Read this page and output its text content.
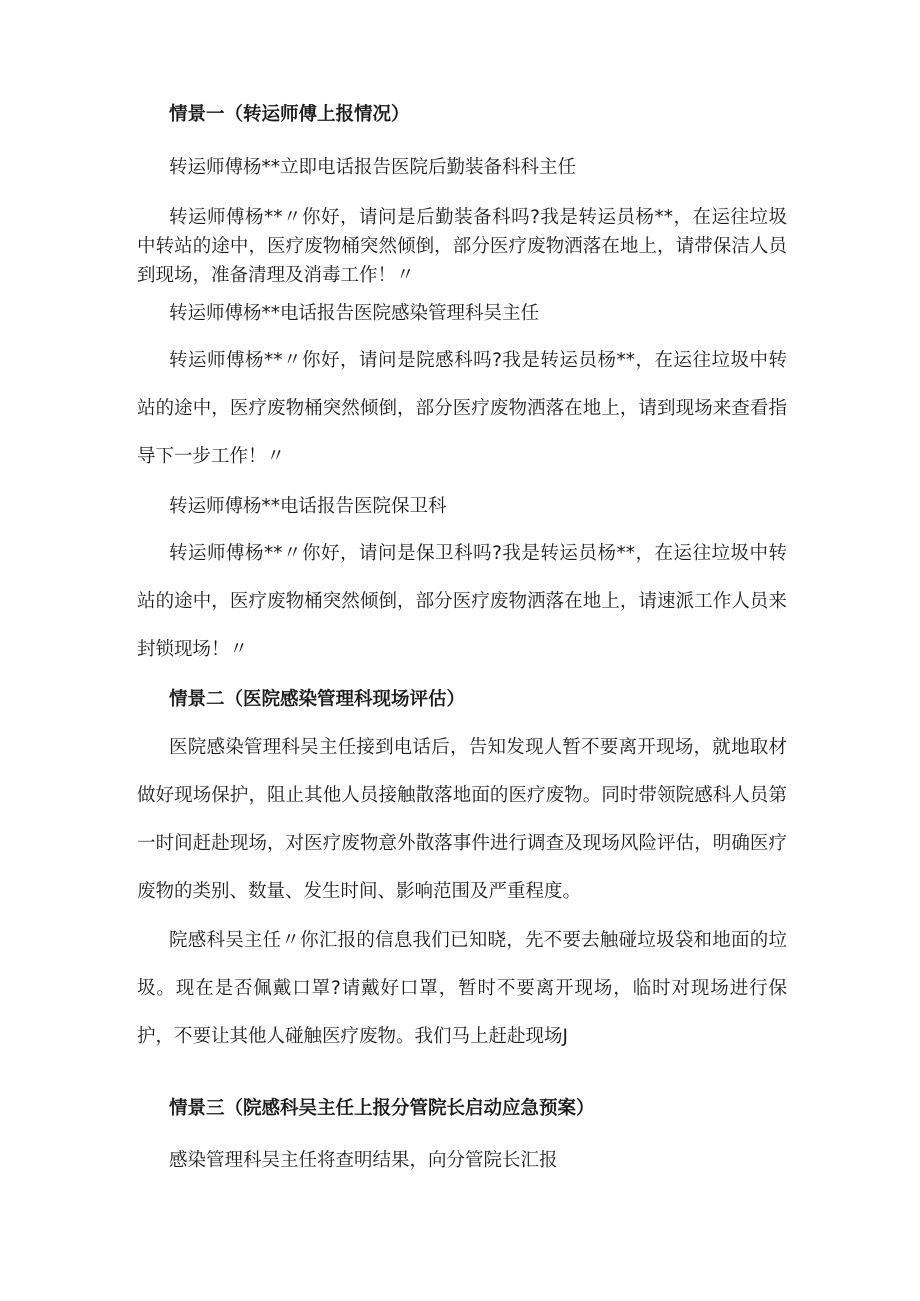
情景一（转运师傅上报情况）

转运师傅杨**立即电话报告医院后勤装备科科主任

转运师傅杨**〃你好，请问是后勤装备科吗?我是转运员杨**，在运往垃圾中转站的途中，医疗废物桶突然倾倒，部分医疗废物洒落在地上，请带保洁人员到现场，准备清理及消毒工作！〃

转运师傅杨**电话报告医院感染管理科吴主任

转运师傅杨**〃你好，请问是院感科吗?我是转运员杨**，在运往垃圾中转站的途中，医疗废物桶突然倾倒，部分医疗废物洒落在地上，请到现场来查看指导下一步工作！〃

转运师傅杨**电话报告医院保卫科

转运师傅杨**〃你好，请问是保卫科吗?我是转运员杨**，在运往垃圾中转站的途中，医疗废物桶突然倾倒，部分医疗废物洒落在地上，请速派工作人员来封锁现场！〃

情景二（医院感染管理科现场评估）

医院感染管理科吴主任接到电话后，告知发现人暂不要离开现场，就地取材做好现场保护，阻止其他人员接触散落地面的医疗废物。同时带领院感科人员第一时间赶赴现场，对医疗废物意外散落事件进行调查及现场风险评估，明确医疗废物的类别、数量、发生时间、影响范围及严重程度。

院感科吴主任〃你汇报的信息我们已知晓，先不要去触碰垃圾袋和地面的垃圾。现在是否佩戴口罩?请戴好口罩，暂时不要离开现场，临时对现场进行保护，不要让其他人碰触医疗废物。我们马上赶赴现场J

情景三（院感科吴主任上报分管院长启动应急预案）

感染管理科吴主任将查明结果，向分管院长汇报
